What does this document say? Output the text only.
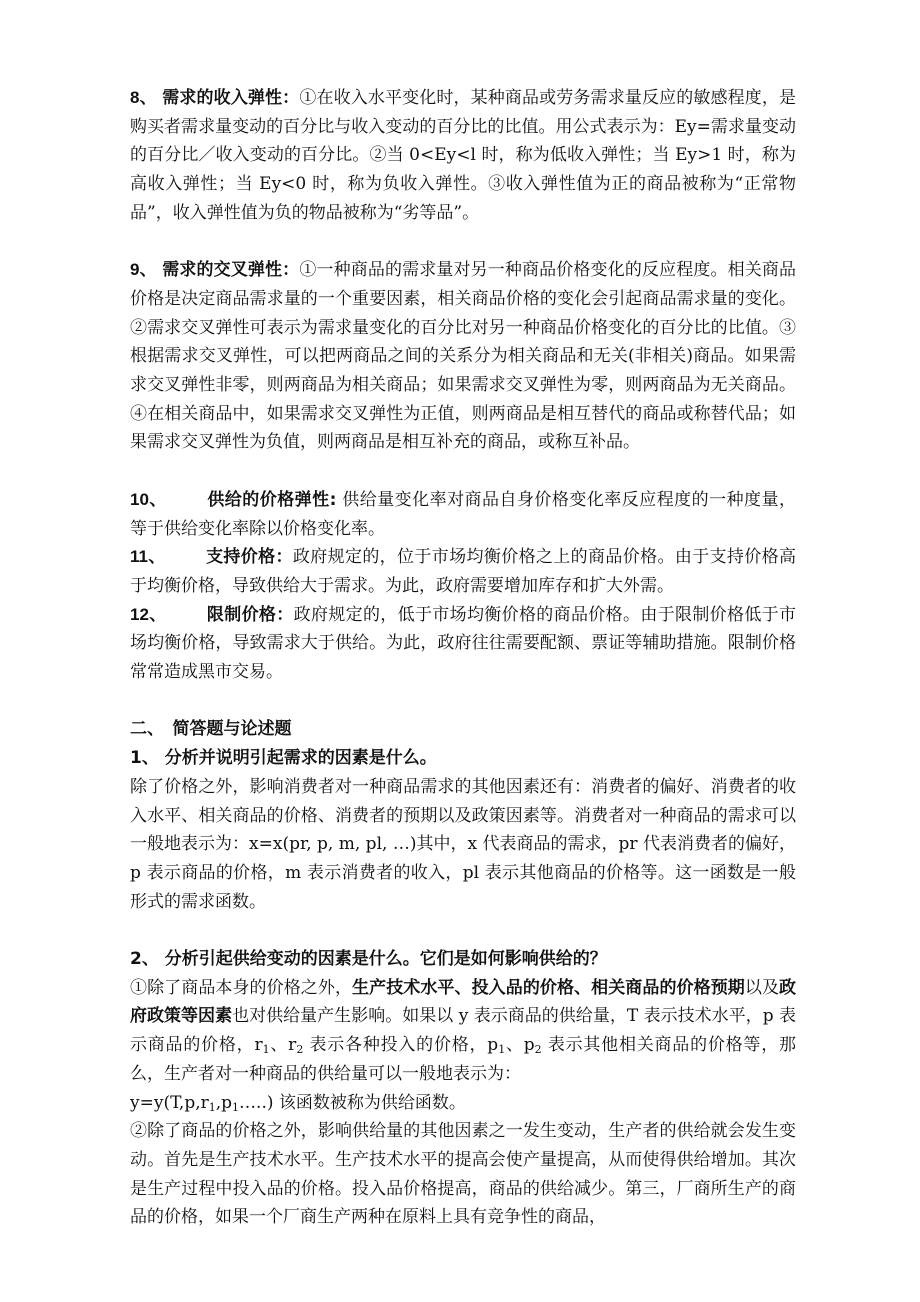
8、 需求的收入弹性：①在收入水平变化时，某种商品或劳务需求量反应的敏感程度，是购买者需求量变动的百分比与收入变动的百分比的比值。用公式表示为：Ey=需求量变动的百分比／收入变动的百分比。②当 0<Ey<l 时，称为低收入弹性；当 Ey>1 时，称为高收入弹性；当 Ey<0 时，称为负收入弹性。③收入弹性值为正的商品被称为“正常物品”，收入弹性值为负的物品被称为“劣等品”。

9、 需求的交叉弹性：①一种商品的需求量对另一种商品价格变化的反应程度。相关商品价格是决定商品需求量的一个重要因素，相关商品价格的变化会引起商品需求量的变化。②需求交叉弹性可表示为需求量变化的百分比对另一种商品价格变化的百分比的比值。③根据需求交叉弹性，可以把两商品之间的关系分为相关商品和无关(非相关)商品。如果需求交叉弹性非零，则两商品为相关商品；如果需求交叉弹性为零，则两商品为无关商品。④在相关商品中，如果需求交叉弹性为正值，则两商品是相互替代的商品或称替代品；如果需求交叉弹性为负值，则两商品是相互补充的商品，或称互补品。

10、 供给的价格弹性: 供给量变化率对商品自身价格变化率反应程度的一种度量，等于供给变化率除以价格变化率。

11、 支持价格：政府规定的，位于市场均衡价格之上的商品价格。由于支持价格高于均衡价格，导致供给大于需求。为此，政府需要增加库存和扩大外需。

12、 限制价格：政府规定的，低于市场均衡价格的商品价格。由于限制价格低于市场均衡价格，导致需求大于供给。为此，政府往往需要配额、票证等辅助措施。限制价格常常造成黑市交易。

二、　简答题与论述题

1、 分析并说明引起需求的因素是什么。

除了价格之外，影响消费者对一种商品需求的其他因素还有：消费者的偏好、消费者的收入水平、相关商品的价格、消费者的预期以及政策因素等。消费者对一种商品的需求可以一般地表示为：x=x(pr, p, m, pl, …)其中，x 代表商品的需求，pr 代表消费者的偏好，p 表示商品的价格，m 表示消费者的收入，pl 表示其他商品的价格等。这一函数是一般形式的需求函数。

2、 分析引起供给变动的因素是什么。它们是如何影响供给的？

①除了商品本身的价格之外，生产技术水平、投入品的价格、相关商品的价格预期以及政府政策等因素也对供给量产生影响。如果以 y 表示商品的供给量，T 表示技术水平，p 表示商品的价格，$r_1$、$r_2$ 表示各种投入的价格，$p_1$、$p_2$ 表示其他相关商品的价格等，那么，生产者对一种商品的供给量可以一般地表示为：

$y=y(T,p,r_1,p_1\dots..)$ 该函数被称为供给函数。

②除了商品的价格之外，影响供给量的其他因素之一发生变动，生产者的供给就会发生变动。首先是生产技术水平。生产技术水平的提高会使产量提高，从而使得供给增加。其次是生产过程中投入品的价格。投入品价格提高，商品的供给减少。第三，厂商所生产的商品的价格，如果一个厂商生产两种在原料上具有竞争性的商品，
